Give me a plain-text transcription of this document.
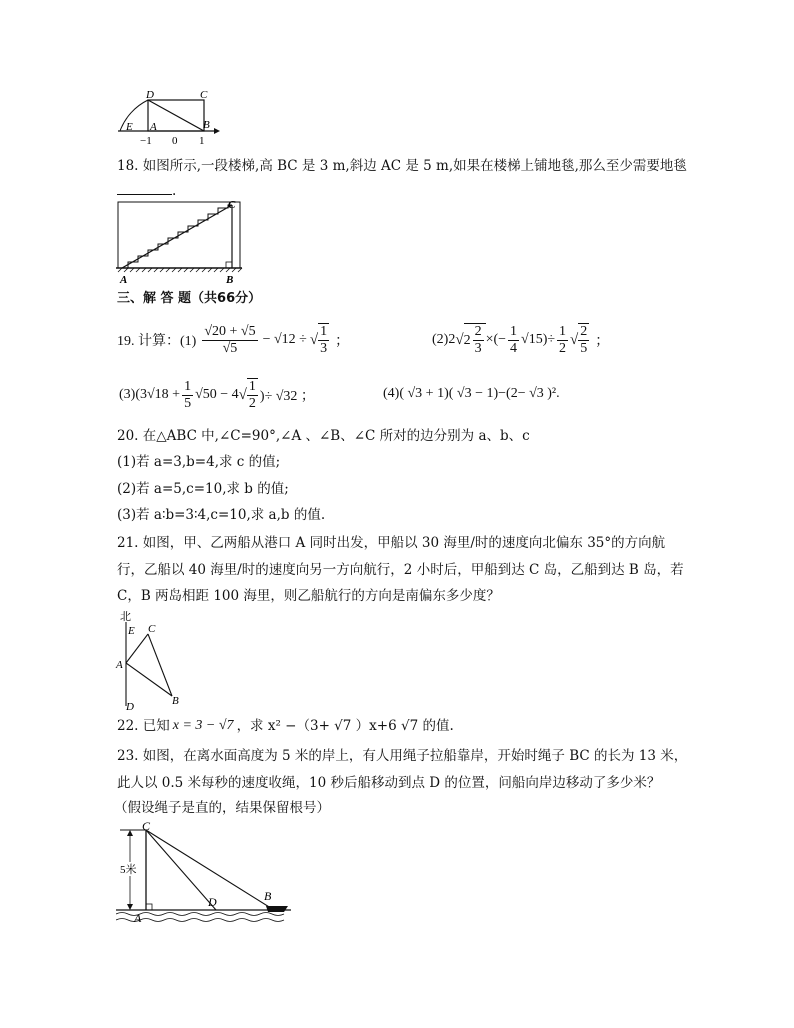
D	C
E A	B
−1 0 1
18. 如图所示,一段楼梯,高 BC 是 3 m,斜边 AC 是 5 m,如果在楼梯上铺地毯,那么至少需要地毯
.
C
A	B
三、解 答 题（共66分）
19. 计算：$(1) \frac{√20 + √5}{√5} - √12$ ÷ √ $\frac{1}{3}$ ；	(2)2 √ $2 \frac{2}{3}$ ×(− $\frac{1}{4} √15)\div \frac{1}{2}$ √ $\frac{2}{5}$ ；
$(3)(3√18 + \frac{1}{5} √50 - 4$ √ $\frac{1}{2}$ )÷ √32 ；	(4)( √3 + 1)( √3 − 1)−(2− √3 )².
20. 在△ABC 中,∠C=90°,∠A 、∠B、∠C 所对的边分别为 a、b、c
(1)若 a=3,b=4,求 c 的值;
(2)若 a=5,c=10,求 b 的值;
(3)若 a∶b=3∶4,c=10,求 a,b 的值.
21. 如图，甲、乙两船从港口 A 同时出发，甲船以 30 海里/时的速度向北偏东 35°的方向航
行，乙船以 40 海里/时的速度向另一方向航行，2 小时后，甲船到达 C 岛，乙船到达 B 岛，若
C，B 两岛相距 100 海里，则乙船航行的方向是南偏东多少度？
北
E C
A
B
D
22. 已知 x = 3 − √7 ，求 x² −（3+ √7 ）x+6 √7 的值.
23. 如图，在离水面高度为 5 米的岸上，有人用绳子拉船靠岸，开始时绳子 BC 的长为 13 米，
此人以 0.5 米每秒的速度收绳，10 秒后船移动到点 D 的位置，问船向岸边移动了多少米？
（假设绳子是直的，结果保留根号）
C
5米
D	B
A
